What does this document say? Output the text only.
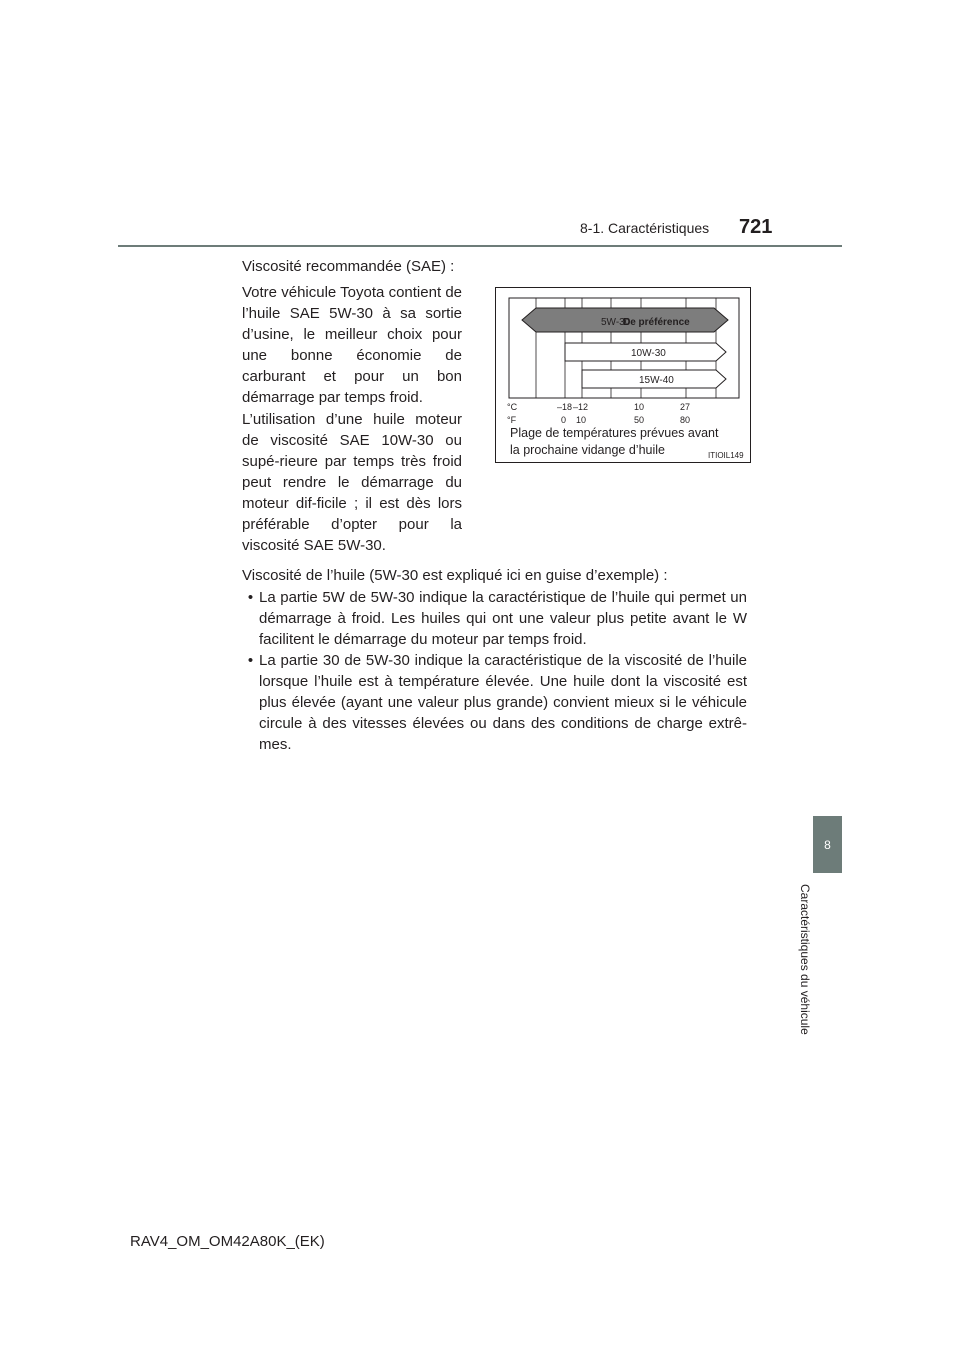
8-1. Caractéristiques 721
8
Caractéristiques du véhicule
Viscosité recommandée (SAE) :
Votre véhicule Toyota contient de l’huile SAE 5W-30 à sa sortie d’usine, le meilleur choix pour une bonne économie de carburant et pour un bon démarrage par temps froid.
L’utilisation d’une huile moteur de viscosité SAE 10W-30 ou supé-rieure par temps très froid peut rendre le démarrage du moteur dif-ficile ; il est dès lors préférable d’opter pour la viscosité SAE 5W-30.
Viscosité de l’huile (5W-30 est expliqué ici en guise d’exemple) :
• La partie 5W de 5W-30 indique la caractéristique de l’huile qui permet un démarrage à froid. Les huiles qui ont une valeur plus petite avant le W facilitent le démarrage du moteur par temps froid.
• La partie 30 de 5W-30 indique la caractéristique de la viscosité de l’huile lorsque l’huile est à température élevée. Une huile dont la viscosité est plus élevée (ayant une valeur plus grande) convient mieux si le véhicule circule à des vitesses élevées ou dans des conditions de charge extrê-mes.
5W-30
De préférence
10W-30
15W-40
°C
°F
–18 –12	10	27
0 10	50	80
Plage de températures prévues avant
la prochaine vidange d’huile	ITIOIL149
RAV4_OM_OM42A80K_(EK)
